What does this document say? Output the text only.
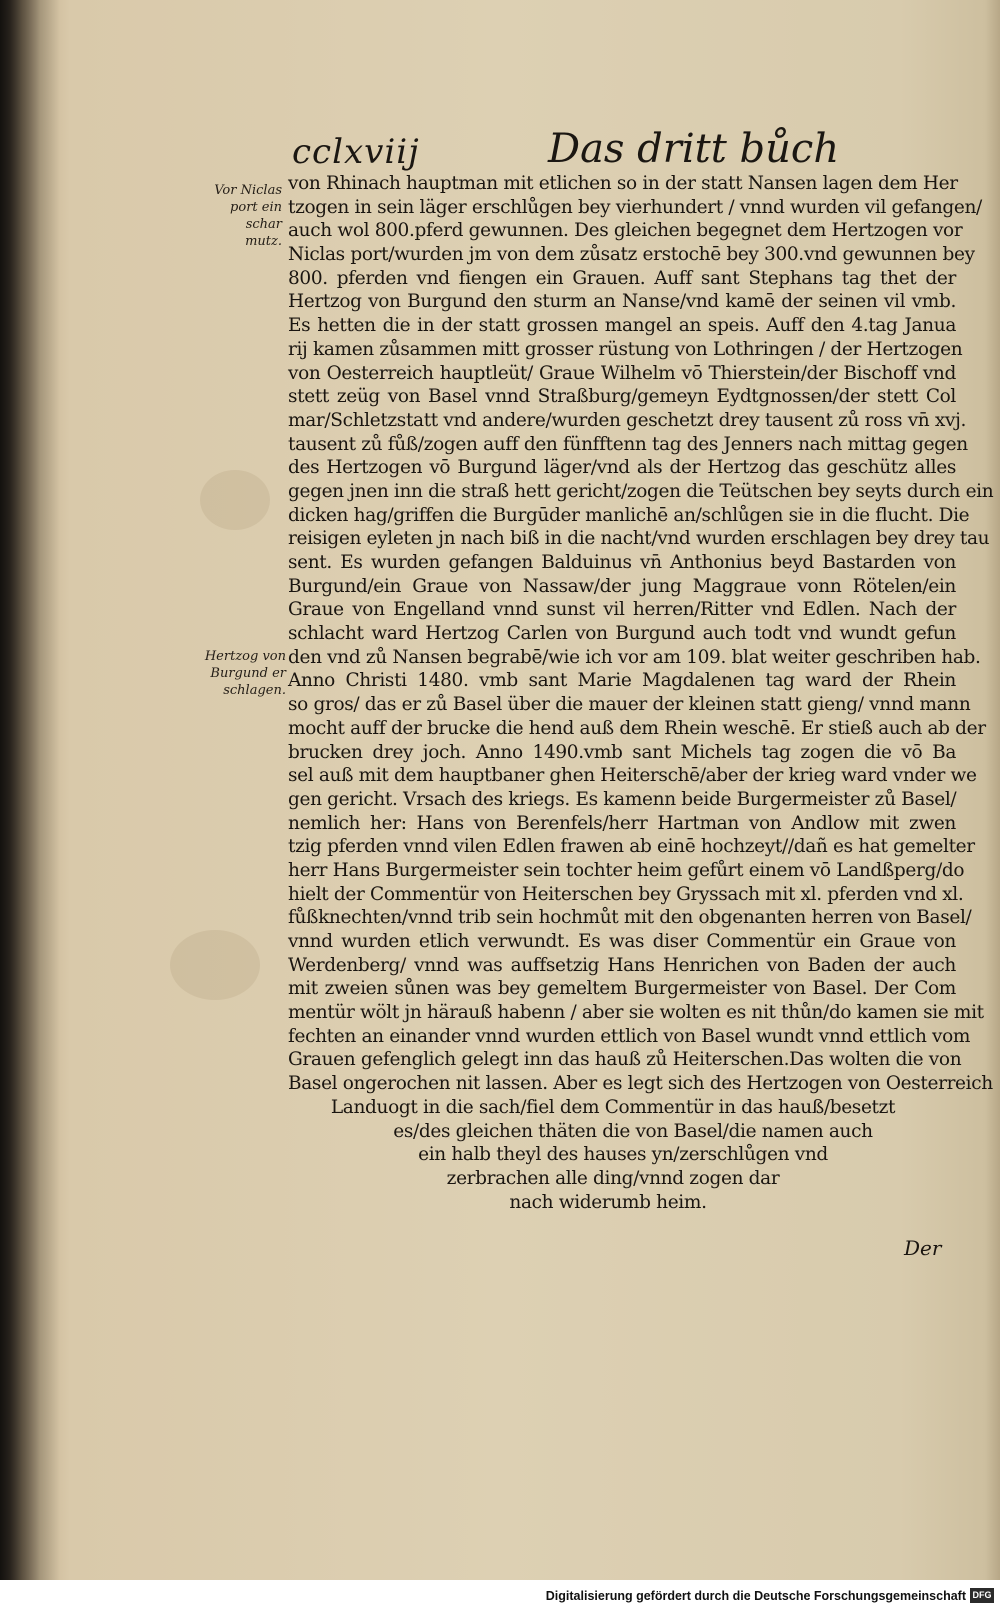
cclxviij	Das dritt bůch
Vor Niclas
port ein schar
mutz.
Hertzog von
Burgund er
schlagen.
von Rhinach hauptman mit etlichen so in der statt Nansen lagen dem Her
tzogen in sein läger erschlůgen bey vierhundert / vnnd wurden vil gefangen/
auch wol 800.pferd gewunnen. Des gleichen begegnet dem Hertzogen vor
Niclas port/wurden jm von dem zůsatz erstochē bey 300.vnd gewunnen bey
800. pferden vnd fiengen ein Grauen. Auff sant Stephans tag thet der
Hertzog von Burgund den sturm an Nanse/vnd kamē der seinen vil vmb.
Es hetten die in der statt grossen mangel an speis. Auff den 4.tag Janua
rij kamen zůsammen mitt grosser rüstung von Lothringen / der Hertzogen
von Oesterreich hauptleüt/ Graue Wilhelm vō Thierstein/der Bischoff vnd
stett zeüg von Basel vnnd Straßburg/gemeyn Eydtgnossen/der stett Col
mar/Schletzstatt vnd andere/wurden geschetzt drey tausent zů ross vn̄ xvj.
tausent zů fůß/zogen auff den fünfftenn tag des Jenners nach mittag gegen
des Hertzogen vō Burgund läger/vnd als der Hertzog das geschütz alles
gegen jnen inn die straß hett gericht/zogen die Teütschen bey seyts durch ein
dicken hag/griffen die Burgūder manlichē an/schlůgen sie in die flucht. Die
reisigen eyleten jn nach biß in die nacht/vnd wurden erschlagen bey drey tau
sent. Es wurden gefangen Balduinus vn̄ Anthonius beyd Bastarden von
Burgund/ein Graue von Nassaw/der jung Maggraue vonn Rötelen/ein
Graue von Engelland vnnd sunst vil herren/Ritter vnd Edlen. Nach der
schlacht ward Hertzog Carlen von Burgund auch todt vnd wundt gefun
den vnd zů Nansen begrabē/wie ich vor am 109. blat weiter geschriben hab.
Anno Christi 1480. vmb sant Marie Magdalenen tag ward der Rhein
so gros/ das er zů Basel über die mauer der kleinen statt gieng/ vnnd mann
mocht auff der brucke die hend auß dem Rhein weschē. Er stieß auch ab der
brucken drey joch. Anno 1490.vmb sant Michels tag zogen die vō Ba
sel auß mit dem hauptbaner ghen Heiterschē/aber der krieg ward vnder we
gen gericht. Vrsach des kriegs. Es kamenn beide Burgermeister zů Basel/
nemlich her: Hans von Berenfels/herr Hartman von Andlow mit zwen
tzig pferden vnnd vilen Edlen frawen ab einē hochzeyt//dañ es hat gemelter
herr Hans Burgermeister sein tochter heim gefůrt einem vō Landßperg/do
hielt der Commentür von Heiterschen bey Gryssach mit xl. pferden vnd xl.
fůßknechten/vnnd trib sein hochmůt mit den obgenanten herren von Basel/
vnnd wurden etlich verwundt. Es was diser Commentür ein Graue von
Werdenberg/ vnnd was auffsetzig Hans Henrichen von Baden der auch
mit zweien sůnen was bey gemeltem Burgermeister von Basel. Der Com
mentür wölt jn härauß habenn / aber sie wolten es nit thůn/do kamen sie mit
fechten an einander vnnd wurden ettlich von Basel wundt vnnd ettlich vom
Grauen gefenglich gelegt inn das hauß zů Heiterschen.Das wolten die von
Basel ongerochen nit lassen. Aber es legt sich des Hertzogen von Oesterreich
Landuogt in die sach/fiel dem Commentür in das hauß/besetzt
es/des gleichen thäten die von Basel/die namen auch
ein halb theyl des hauses yn/zerschlůgen vnd
zerbrachen alle ding/vnnd zogen dar
nach widerumb heim.
Der
Digitalisierung gefördert durch die Deutsche Forschungsgemeinschaft DFG
